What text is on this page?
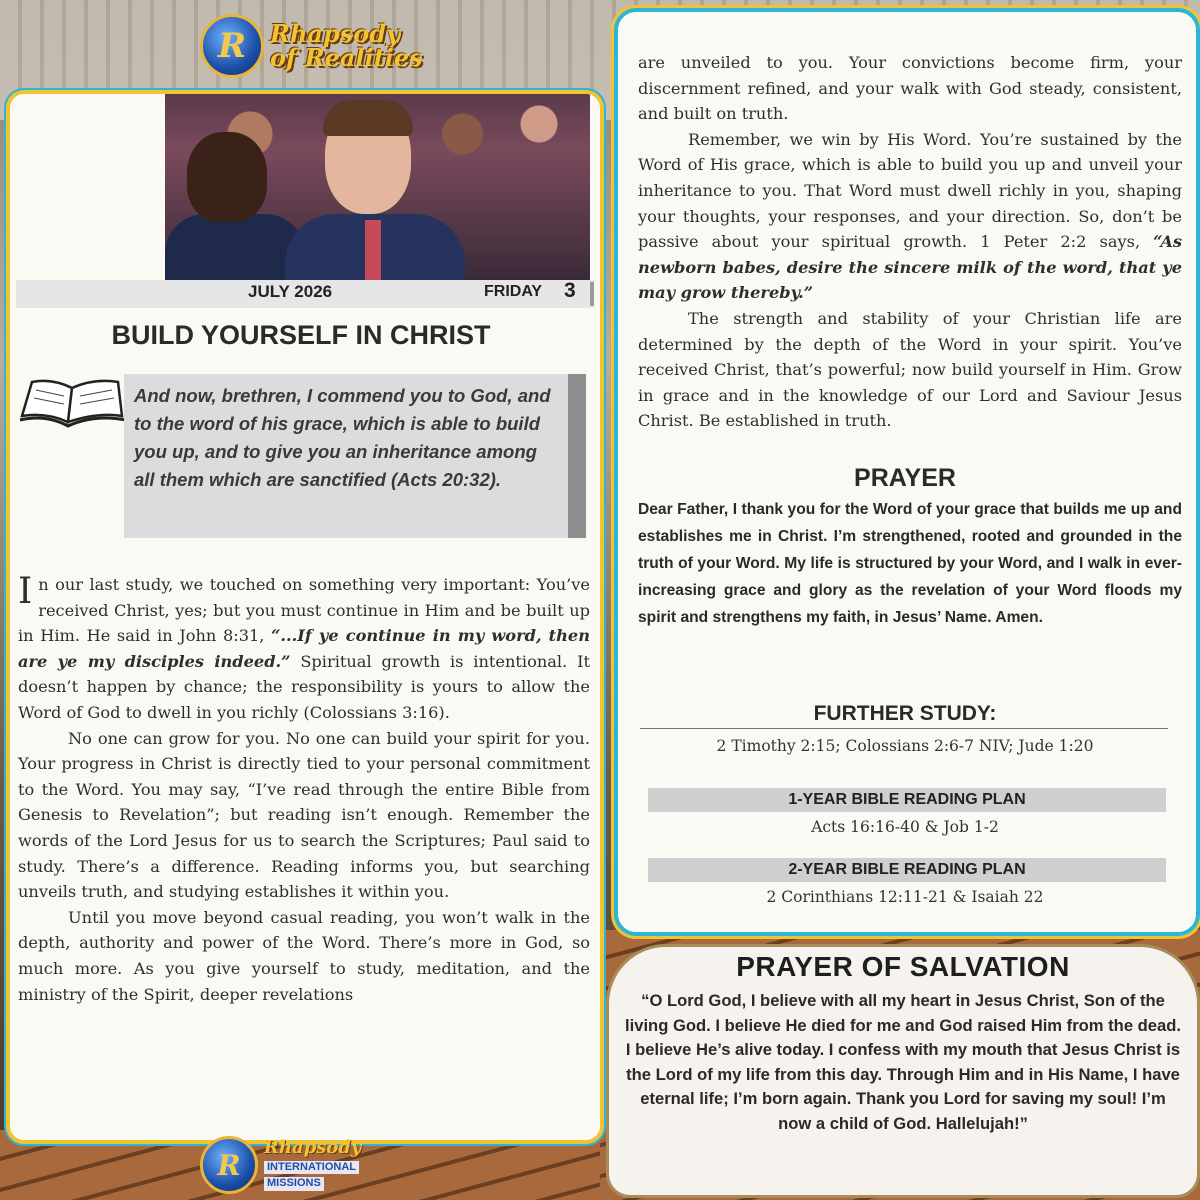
R Rhapsody
of Realities
JULY 2026	FRIDAY 3
BUILD YOURSELF IN CHRIST
And now, brethren, I commend you to God, and to the word of his grace, which is able to build you up, and to give you an inheritance among all them which are sanctified (Acts 20:32).

In our last study, we touched on something very important: You’ve received Christ, yes; but you must continue in Him and be built up in Him. He said in John 8:31, “...If ye continue in my word, then are ye my disciples indeed.” Spiritual growth is intentional. It doesn’t happen by chance; the responsibility is yours to allow the Word of God to dwell in you richly (Colossians 3:16).

No one can grow for you. No one can build your spirit for you. Your progress in Christ is directly tied to your personal commitment to the Word. You may say, “I’ve read through the entire Bible from Genesis to Revelation”; but reading isn’t enough. Remember the words of the Lord Jesus for us to search the Scriptures; Paul said to study. There’s a difference. Reading informs you, but searching unveils truth, and studying establishes it within you.

Until you move beyond casual reading, you won’t walk in the depth, authority and power of the Word. There’s more in God, so much more. As you give yourself to study, meditation, and the ministry of the Spirit, deeper revelations

R
Rhapsody
INTERNATIONAL
MISSIONS

are unveiled to you. Your convictions become firm, your discernment refined, and your walk with God steady, consistent, and built on truth.

Remember, we win by His Word. You’re sustained by the Word of His grace, which is able to build you up and unveil your inheritance to you. That Word must dwell richly in you, shaping your thoughts, your responses, and your direction. So, don’t be passive about your spiritual growth. 1 Peter 2:2 says, “As newborn babes, desire the sincere milk of the word, that ye may grow thereby.”

The strength and stability of your Christian life are determined by the depth of the Word in your spirit. You’ve received Christ, that’s powerful; now build yourself in Him. Grow in grace and in the knowledge of our Lord and Saviour Jesus Christ. Be established in truth.

PRAYER
Dear Father, I thank you for the Word of your grace that builds me up and establishes me in Christ. I’m strengthened, rooted and grounded in the truth of your Word. My life is structured by your Word, and I walk in ever-increasing grace and glory as the revelation of your Word floods my spirit and strengthens my faith, in Jesus’ Name. Amen.
FURTHER STUDY:
2 Timothy 2:15; Colossians 2:6-7 NIV; Jude 1:20
1-YEAR BIBLE READING PLAN
Acts 16:16-40 & Job 1-2
2-YEAR BIBLE READING PLAN
2 Corinthians 12:11-21 & Isaiah 22
PRAYER OF SALVATION
“O Lord God, I believe with all my heart in Jesus Christ, Son of the living God. I believe He died for me and God raised Him from the dead. I believe He’s alive today. I confess with my mouth that Jesus Christ is the Lord of my life from this day. Through Him and in His Name, I have eternal life; I’m born again. Thank you Lord for saving my soul! I’m now a child of God. Hallelujah!”
